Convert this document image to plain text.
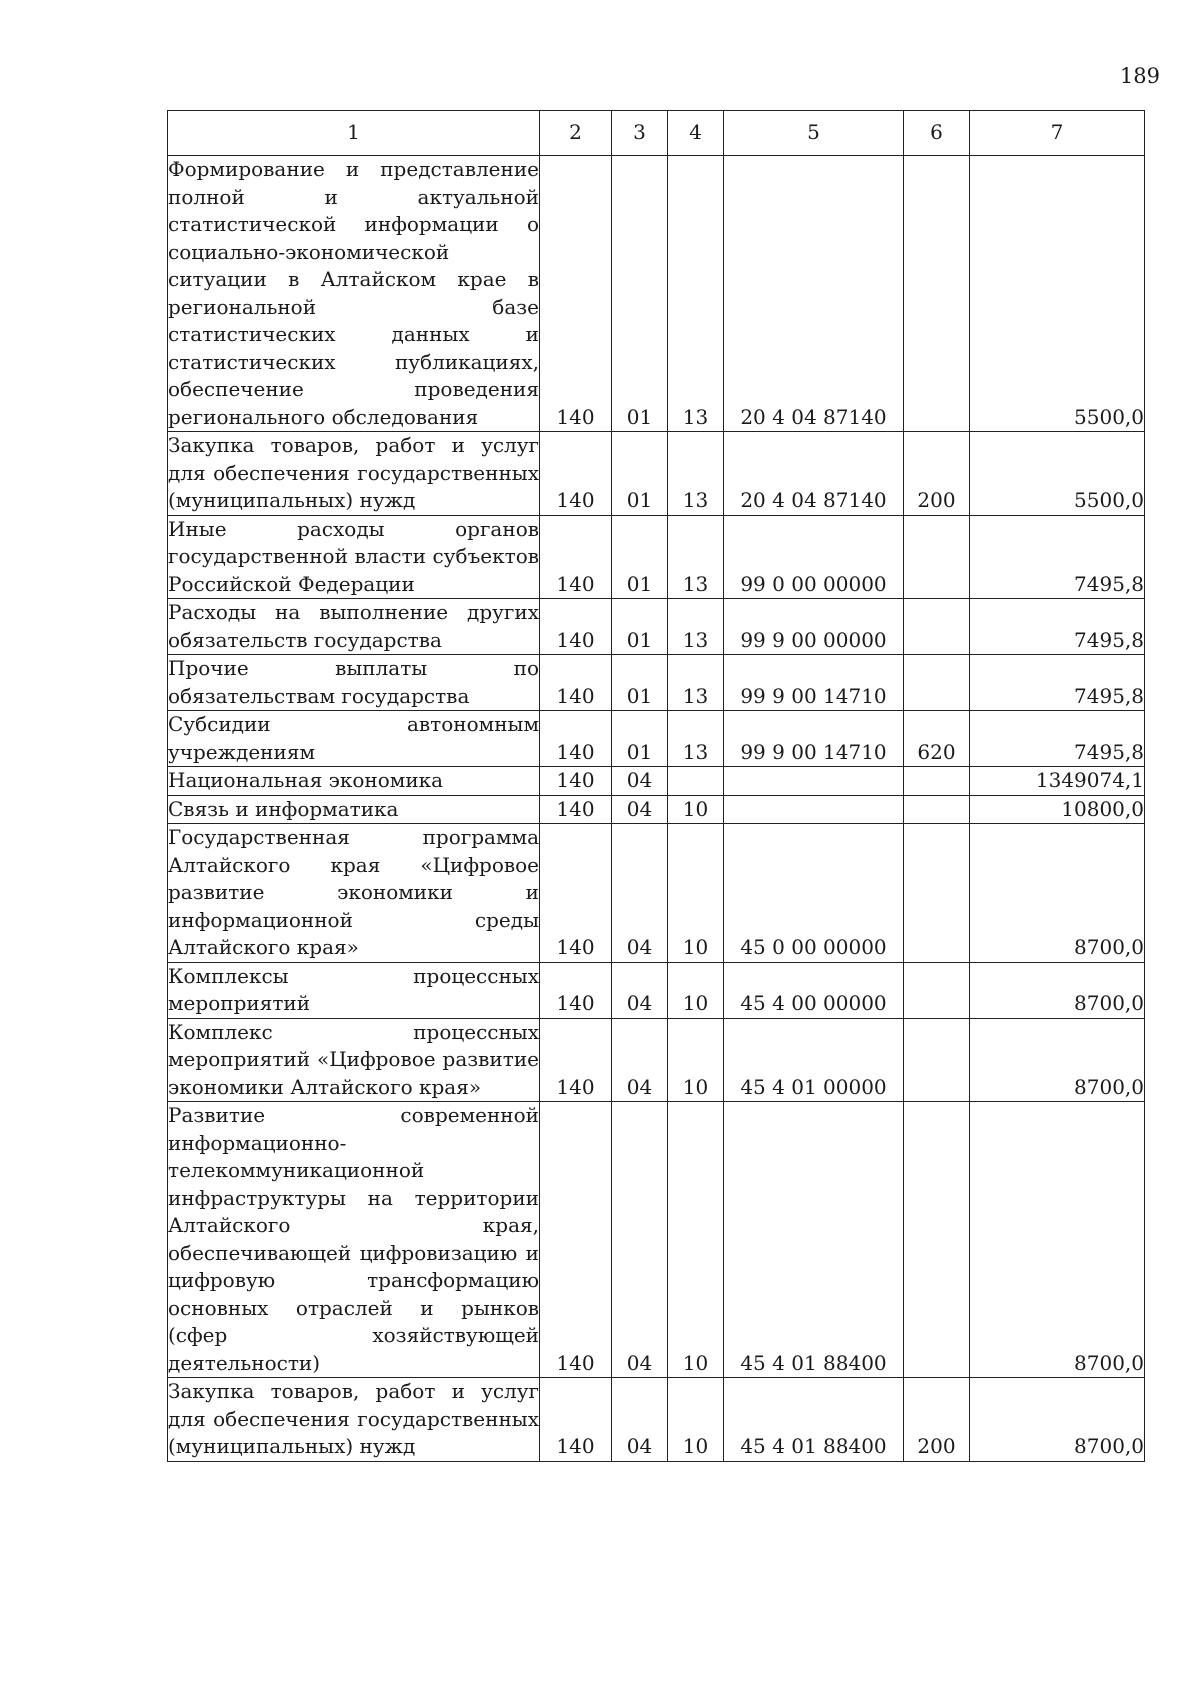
189
1	2	3	4	5	6	7
Формирование и представление полной и актуальной статистической информации о социально-экономической ситуации в Алтайском крае в региональной базе статистических данных и статистических публикациях, обеспечение проведения регионального обследования	140	01	13	20 4 04 87140		5500,0
Закупка товаров, работ и услуг для обеспечения государственных (муниципальных) нужд	140	01	13	20 4 04 87140	200	5500,0
Иные расходы органов государственной власти субъектов Российской Федерации	140	01	13	99 0 00 00000		7495,8
Расходы на выполнение других обязательств государства	140	01	13	99 9 00 00000		7495,8
Прочие выплаты по обязательствам государства	140	01	13	99 9 00 14710		7495,8
Субсидии автономным учреждениям	140	01	13	99 9 00 14710	620	7495,8
Национальная экономика	140	04				1349074,1
Связь и информатика	140	04	10			10800,0
Государственная программа Алтайского края «Цифровое развитие экономики и информационной среды Алтайского края»	140	04	10	45 0 00 00000		8700,0
Комплексы процессных мероприятий	140	04	10	45 4 00 00000		8700,0
Комплекс процессных мероприятий «Цифровое развитие экономики Алтайского края»	140	04	10	45 4 01 00000		8700,0
Развитие современной информационно-телекоммуникационной инфраструктуры на территории Алтайского края, обеспечивающей цифровизацию и цифровую трансформацию основных отраслей и рынков (сфер хозяйствующей деятельности)	140	04	10	45 4 01 88400		8700,0
Закупка товаров, работ и услуг для обеспечения государственных (муниципальных) нужд	140	04	10	45 4 01 88400	200	8700,0
